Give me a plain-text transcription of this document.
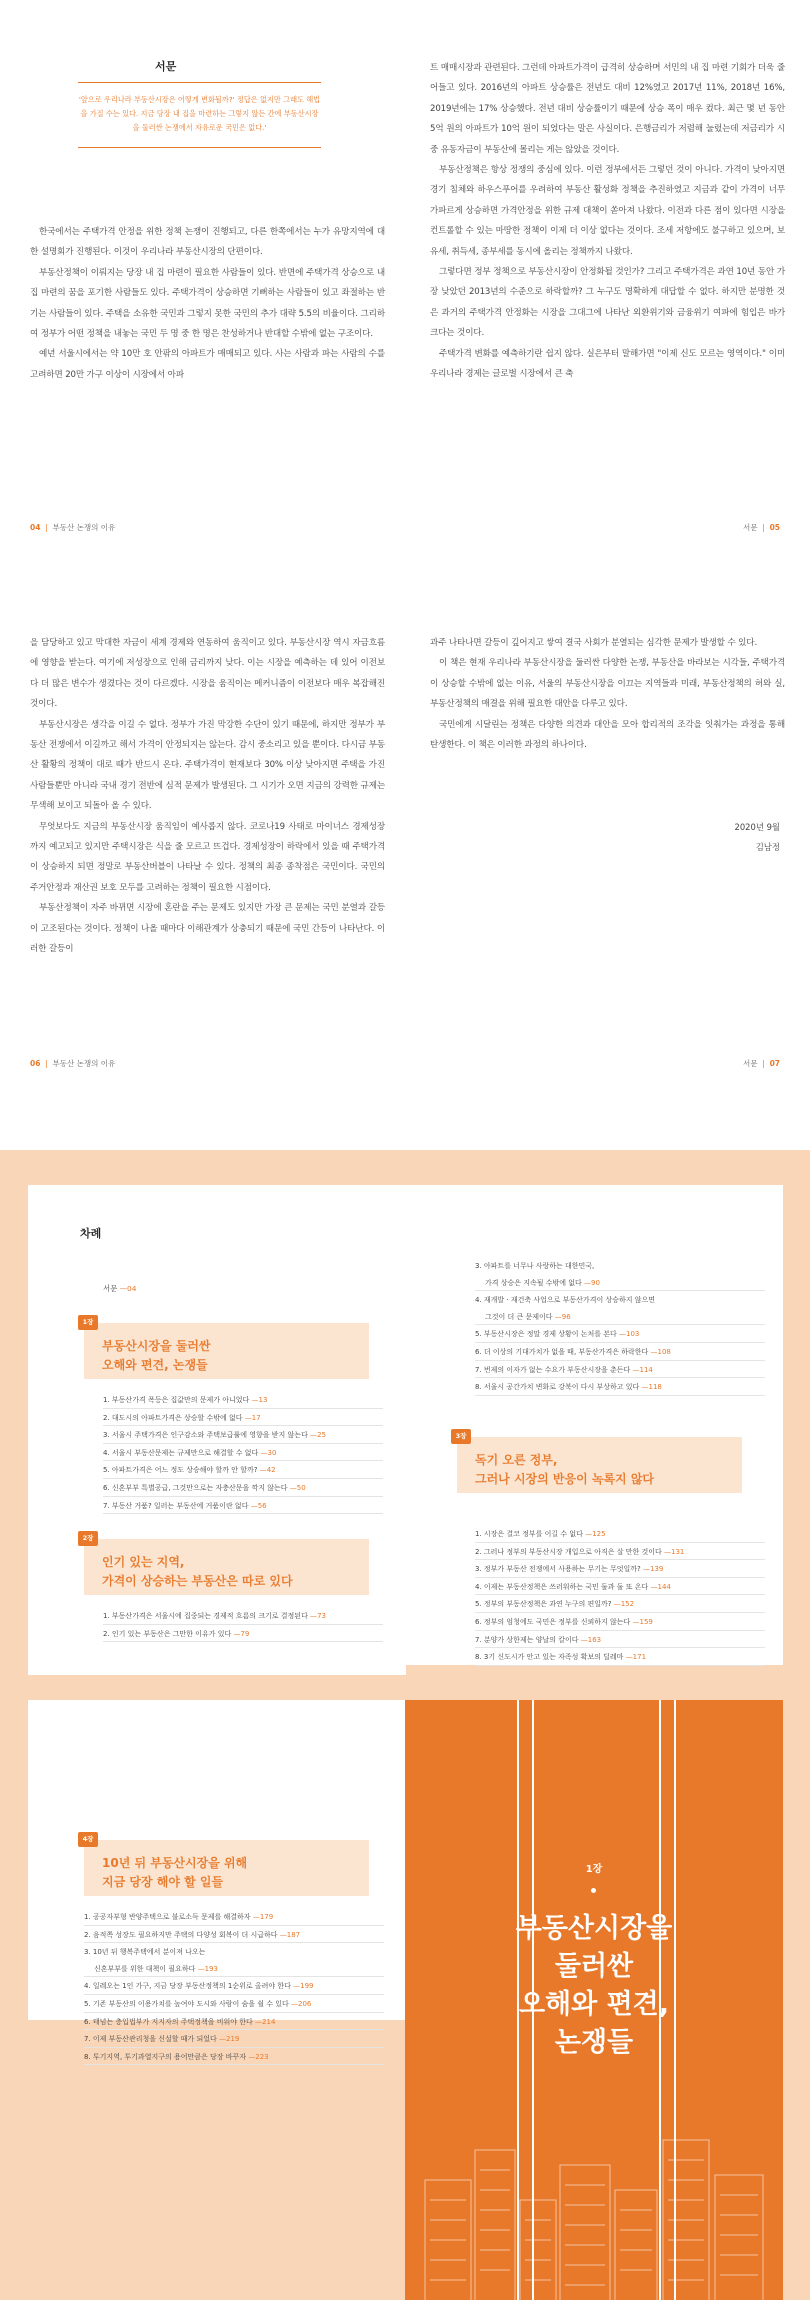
서문
'앞으로 우리나라 부동산시장은 어떻게 변화될까?' 정답은 없지만 그래도 해법을 가질 수는 있다. 지금 당장 내 집을 마련하는 그렇지 않든 간에 부동산시장을 둘러싼 논쟁에서 자유로운 국민은 없다.'

한국에서는 주택가격 안정을 위한 정책 논쟁이 진행되고, 다른 한쪽에서는 누가 유망지역에 대한 설명회가 진행된다. 이것이 우리나라 부동산시장의 단편이다.

부동산정책이 이뤄지는 당장 내 집 마련이 필요한 사람들이 있다. 반면에 주택가격 상승으로 내 집 마련의 꿈을 포기한 사람들도 있다. 주택가격이 상승하면 기뻐하는 사람들이 있고 좌절하는 반기는 사람들이 있다. 주택을 소유한 국민과 그렇지 못한 국민의 추가 대략 5.5의 비율이다. 그리하여 정부가 어떤 정책을 내놓는 국민 두 명 중 한 명은 찬성하거나 반대할 수밖에 없는 구조이다.

예년 서울시에서는 약 10만 호 안팎의 아파트가 매매되고 있다. 사는 사람과 파는 사람의 수를 고려하면 20만 가구 이상이 시장에서 아파

04  |  부동산 논쟁의 이유

트 매매시장과 관련된다. 그런데 아파트가격이 급격히 상승하며 서민의 내 집 마련 기회가 더욱 줄어들고 있다. 2016년의 아파트 상승률은 전년도 대비 12%였고 2017년 11%, 2018년 16%, 2019년에는 17% 상승했다. 전년 대비 상승률이기 때문에 상승 폭이 매우 컸다. 최근 몇 년 동안 5억 원의 아파트가 10억 원이 되었다는 말은 사실이다. 은행금리가 저렴해 눌렀는데 저금리가 시중 유동자금이 부동산에 몰리는 게는 않았을 것이다.

부동산정책은 항상 정쟁의 중심에 있다. 이런 정부에서든 그렇던 것이 아니다. 가격이 낮아지면 경기 침체와 하우스푸어를 우려하여 부동산 활성화 정책을 추진하였고 지금과 같이 가격이 너무 가파르게 상승하면 가격안정을 위한 규제 대책이 쏟아져 나왔다. 이전과 다른 점이 있다면 시장을 컨트롤할 수 있는 마땅한 정책이 이제 더 이상 없다는 것이다. 조세 저항에도 불구하고 있으며, 보유세, 취득세, 종부세를 동시에 올리는 정책까지 나왔다.

그렇다면 정부 정책으로 부동산시장이 안정화될 것인가? 그리고 주택가격은 과연 10년 동안 가장 낮았던 2013년의 수준으로 하락할까? 그 누구도 명확하게 대답할 수 없다. 하지만 분명한 것은 과거의 주택가격 안정화는 시장을 그대그에 나타난 외환위기와 금융위기 여파에 힘입은 바가 크다는 것이다.

주택가격 변화를 예측하기란 쉽지 않다. 실은부터 말해가면 "이제 신도 모르는 영역이다." 이미 우리나라 경제는 글로벌 시장에서 큰 축

서문  |  05

을 담당하고 있고 막대한 자금이 세계 경제와 연동하여 움직이고 있다. 부동산시장 역시 자금흐름에 영향을 받는다. 여기에 저성장으로 인해 금리까지 낮다. 이는 시장을 예측하는 데 있어 이전보다 더 많은 변수가 생겼다는 것이 다르겠다. 시장을 움직이는 메커니즘이 이전보다 매우 복잡해진 것이다.

부동산시장은 생각을 이길 수 없다. 정부가 가진 막강한 수단이 있기 때문에, 하지만 정부가 부동산 전쟁에서 이길까고 해서 가격이 안정되지는 않는다. 감시 중소리고 있을 뿐이다. 다시금 부동산 활황의 정책이 대로 때가 반드시 온다. 주택가격이 현재보다 30% 이상 낮아지면 주택을 가진 사람들뿐만 아니라 국내 경기 전반에 심적 문제가 발생된다. 그 시기가 오면 지금의 강력한 규제는 무색해 보이고 되돌아 올 수 있다.

무엇보다도 지금의 부동산시장 움직임이 예사롭지 않다. 코로나19 사태로 마이너스 경제성장까지 예고되고 있지만 주택시장은 식을 줄 모르고 뜨겁다. 경제성장이 하락에서 있을 때 주택가격이 상승하지 되면 정말로 부동산버블이 나타날 수 있다. 정책의 최종 종착점은 국민이다. 국민의 주거안정과 재산권 보호 모두를 고려하는 정책이 필요한 시점이다.

부동산정책이 자주 바뀌면 시장에 혼란을 주는 문제도 있지만 가장 큰 문제는 국민 분열과 갈등이 고조된다는 것이다. 정책이 나올 때마다 이해관계가 상충되기 때문에 국민 간등이 나타난다. 이러한 갈등이

06  |  부동산 논쟁의 이유

과주 나타나면 갈등이 깊어지고 쌓여 결국 사회가 분열되는 심각한 문제가 발생할 수 있다.

이 책은 현재 우리나라 부동산시장을 둘러싼 다양한 논쟁, 부동산을 바라보는 시각들, 주택가격이 상승할 수밖에 없는 이유, 서울의 부동산시장을 이끄는 지역들과 미래, 부동산정책의 허와 실, 부동산정책의 매결을 위해 필요한 대안을 다루고 있다.

국민에게 시달린는 정책은 다양한 의견과 대안을 모아 합리적의 조각을 잇춰가는 과정을 통해 탄생한다. 이 책은 이러한 과정의 하나이다.

2020년 9월
김남정
서문  |  07
차례
서문 —04
부동산시장을 둘러싼
오해와 편견, 논쟁들
1장
1. 부동산가격 폭등은 집값만의 문제가 아니었다 —13
2. 대도시의 아파트가격은 상승할 수밖에 없다 —17
3. 서울시 주택가격은 인구감소와 주택보급률에 영향을 받지 않는다 —25
4. 서울시 부동산문제는 규제만으로 해결할 수 없다 —30
5. 아파트가격은 어느 정도 상승해야 할까 안 할까? —42
6. 신혼부부 특별공급, 그것만으로는 자충산문을 깍지 않는다 —50
7. 부동산 거품? 일러는 부동산에 거품이란 없다 —56
인기 있는 지역,
가격이 상승하는 부동산은 따로 있다
2장
1. 부동산가격은 서울시에 집중되는 경제적 흐름의 크기로 결정된다 —73
2. 인기 있는 부동산은 그만한 이유가 있다 —79
3. 아파트를 너무나 사랑하는 대한민국,
가격 상승은 지속될 수밖에 없다 —90
4. 재개발 · 재건축 사업으로 부동산가격이 상승하지 않으면
그것이 더 큰 문제이다 —96
5. 부동산시장은 정말 경제 상황이 논처를 본다 —103
6. 더 이상의 기대가치가 없을 때, 부동산가격은 하락한다 —108
7. 번제의 이자가 없는 수요가 부동산시장을 춘든다 —114
8. 서울시 공간가치 변화로 강북이 다시 부상하고 있다 —118
독기 오른 정부,
그러나 시장의 반응이 녹록지 않다
3장
1. 시장은 결코 정부를 이길 수 없다 —125
2. 그러나 정부의 부동산시장 개입으로 아직은 살 만한 것이다 —131
3. 정부가 부동산 전쟁에서 사용하는 무기는 무엇일까? —139
4. 이제는 부동산정책은 쓰러워하는 국민 둘과 둘 또 온다 —144
5. 정부의 부동산정책은 과연 누구의 편일까? —152
6. 정부의 엄청에도 국민은 정부를 신뢰하지 않는다 —159
7. 분양가 상한제는 양날의 칼이다 —163
8. 3기 신도시가 안고 있는 자족성 확보의 딜레마 —171
10년 뒤 부동산시장을 위해
지금 당장 해야 할 일들
4장
1. 공공자부형 반양주택으로 불로소득 문제를 해결하자 —179
2. 음적쪽 성장도 필요하지만 주택의 다양성 회복이 더 시급하다 —187
3. 10년 뒤 행복주택에서 분이져 나오는
신혼부부를 위한 대책이 필요하다 —193
4. 일레오는 1인 가구, 지금 당장 부동산정책의 1순위로 올려야 한다 —199
5. 기존 부동산의 이용가치를 높여야 도시와 사람이 숨을 쉴 수 있다 —206
6. 태넘는 층입법부가 지지자의 주택정책을 비워야 한다 —214
7. 이제 부동산관리청을 신설할 때가 되었다 —219
8. 투기지역, 투기과열지구의 용어만큼은 당장 바꾸자 —223
1장
부동산시장을
둘러싼
오해와 편견,
논쟁들
